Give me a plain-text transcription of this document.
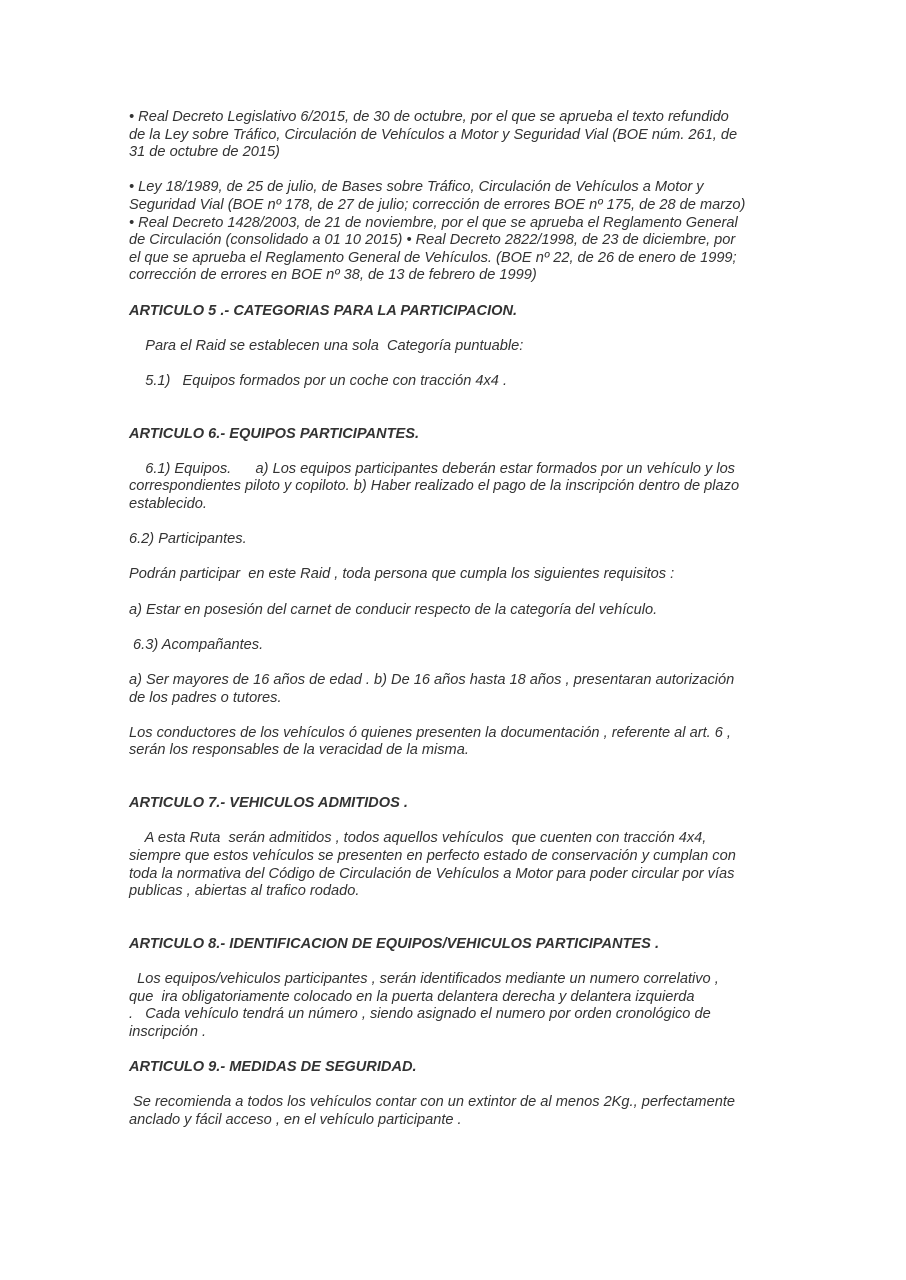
• Real Decreto Legislativo 6/2015, de 30 de octubre, por el que se aprueba el texto refundido
de la Ley sobre Tráfico, Circulación de Vehículos a Motor y Seguridad Vial (BOE núm. 261, de
31 de octubre de 2015)
• Ley 18/1989, de 25 de julio, de Bases sobre Tráfico, Circulación de Vehículos a Motor y
Seguridad Vial (BOE nº 178, de 27 de julio; corrección de errores BOE nº 175, de 28 de marzo)
• Real Decreto 1428/2003, de 21 de noviembre, por el que se aprueba el Reglamento General
de Circulación (consolidado a 01 10 2015) • Real Decreto 2822/1998, de 23 de diciembre, por
el que se aprueba el Reglamento General de Vehículos. (BOE nº 22, de 26 de enero de 1999;
corrección de errores en BOE nº 38, de 13 de febrero de 1999)
ARTICULO 5 .- CATEGORIAS PARA LA PARTICIPACION.
Para el Raid se establecen una sola  Categoría puntuable:
5.1)   Equipos formados por un coche con tracción 4x4 .
ARTICULO 6.- EQUIPOS PARTICIPANTES.
6.1) Equipos.      a) Los equipos participantes deberán estar formados por un vehículo y los
correspondientes piloto y copiloto. b) Haber realizado el pago de la inscripción dentro de plazo
establecido.
6.2) Participantes.
Podrán participar  en este Raid , toda persona que cumpla los siguientes requisitos :
a) Estar en posesión del carnet de conducir respecto de la categoría del vehículo.
6.3) Acompañantes.
a) Ser mayores de 16 años de edad . b) De 16 años hasta 18 años , presentaran autorización
de los padres o tutores.
Los conductores de los vehículos ó quienes presenten la documentación , referente al art. 6 ,
serán los responsables de la veracidad de la misma.
ARTICULO 7.- VEHICULOS ADMITIDOS .
A esta Ruta  serán admitidos , todos aquellos vehículos  que cuenten con tracción 4x4,
siempre que estos vehículos se presenten en perfecto estado de conservación y cumplan con
toda la normativa del Código de Circulación de Vehículos a Motor para poder circular por vías
publicas , abiertas al trafico rodado.
ARTICULO 8.- IDENTIFICACION DE EQUIPOS/VEHICULOS PARTICIPANTES .
Los equipos/vehiculos participantes , serán identificados mediante un numero correlativo ,
que  ira obligatoriamente colocado en la puerta delantera derecha y delantera izquierda
.   Cada vehículo tendrá un número , siendo asignado el numero por orden cronológico de
inscripción .
ARTICULO 9.- MEDIDAS DE SEGURIDAD.
Se recomienda a todos los vehículos contar con un extintor de al menos 2Kg., perfectamente
anclado y fácil acceso , en el vehículo participante .
